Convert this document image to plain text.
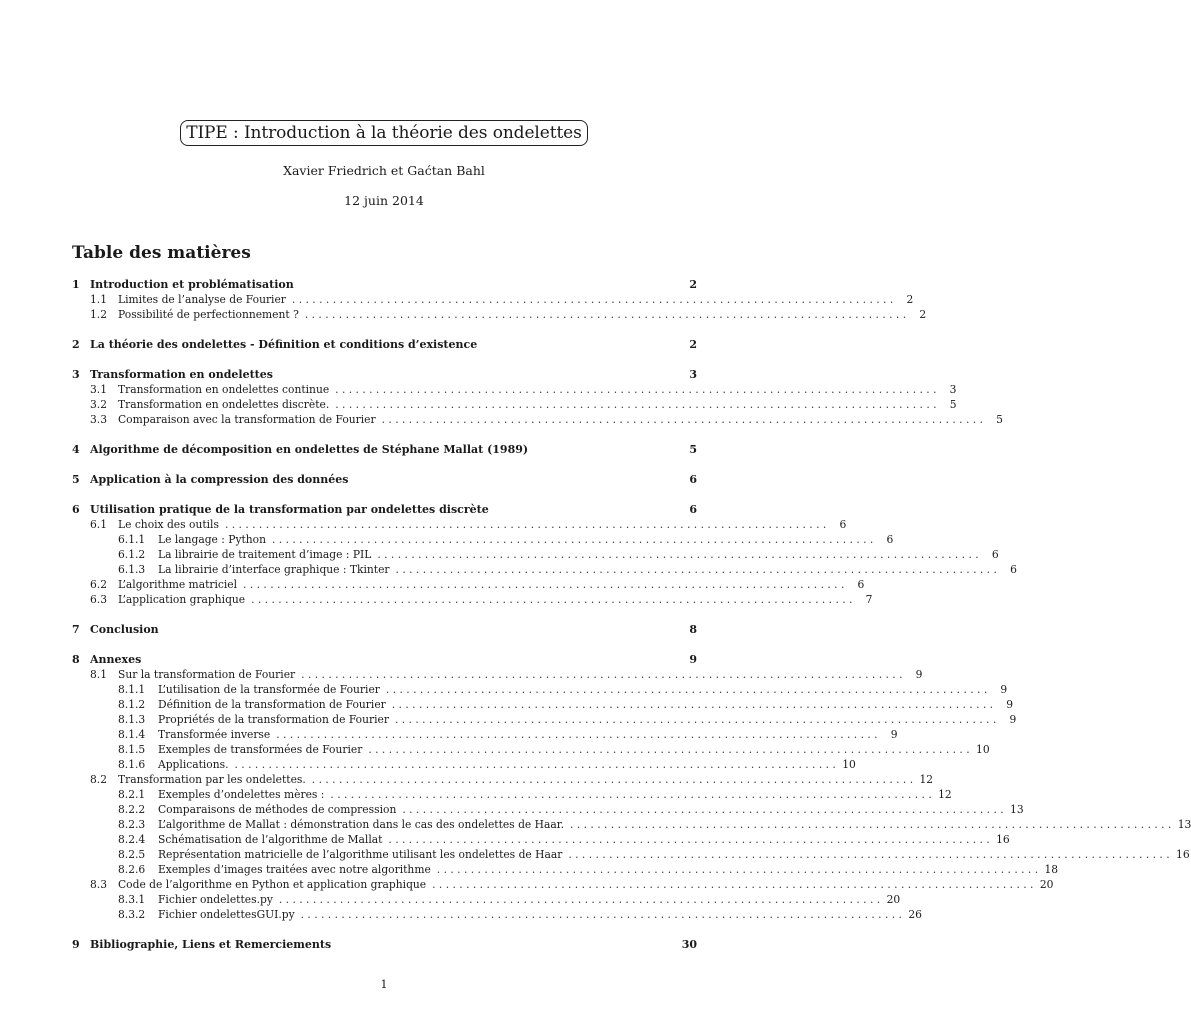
TIPE : Introduction à la théorie des ondelettes
Xavier Friedrich et Gaćtan Bahl
12 juin 2014
Table des matières
1 Introduction et problématisation	2
1.1	Limites de l’analyse de Fourier . . .	2
1.2	Possibilité de perfectionnement ? . . .	2
2 La théorie des ondelettes - Définition et conditions d’existence	2
3 Transformation en ondelettes	3
3.1	Transformation en ondelettes continue . . .	3
3.2	Transformation en ondelettes discrète. . . .	5
3.3	Comparaison avec la transformation de Fourier . . .	5
4 Algorithme de décomposition en ondelettes de Stéphane Mallat (1989)	5
5 Application à la compression des données	6
6 Utilisation pratique de la transformation par ondelettes discrète	6
6.1	Le choix des outils . . .	6
6.1.1	Le langage : Python . . .	6
6.1.2	La librairie de traitement d’image : PIL . . .	6
6.1.3	La librairie d’interface graphique : Tkinter . . .	6
6.2	L’algorithme matriciel . . .	6
6.3	L’application graphique . . .	7
7 Conclusion	8
8 Annexes	9
8.1	Sur la transformation de Fourier . . .	9
8.1.1	L’utilisation de la transformée de Fourier . . .	9
8.1.2	Définition de la transformation de Fourier . . .	9
8.1.3	Propriétés de la transformation de Fourier . . .	9
8.1.4	Transformée inverse . . .	9
8.1.5	Exemples de transformées de Fourier . . .	10
8.1.6	Applications. . . .	10
8.2	Transformation par les ondelettes. . . .	12
8.2.1	Exemples d’ondelettes mères : . . .	12
8.2.2	Comparaisons de méthodes de compression . . .	13
8.2.3	L’algorithme de Mallat : démonstration dans le cas des ondelettes de Haar. . . .	13
8.2.4	Schématisation de l’algorithme de Mallat . . .	16
8.2.5	Représentation matricielle de l’algorithme utilisant les ondelettes de Haar . . .	16
8.2.6	Exemples d’images traitées avec notre algorithme . . .	18
8.3	Code de l’algorithme en Python et application graphique . . .	20
8.3.1	Fichier ondelettes.py . . .	20
8.3.2	Fichier ondelettesGUI.py . . .	26
9 Bibliographie, Liens et Remerciements	30
1
